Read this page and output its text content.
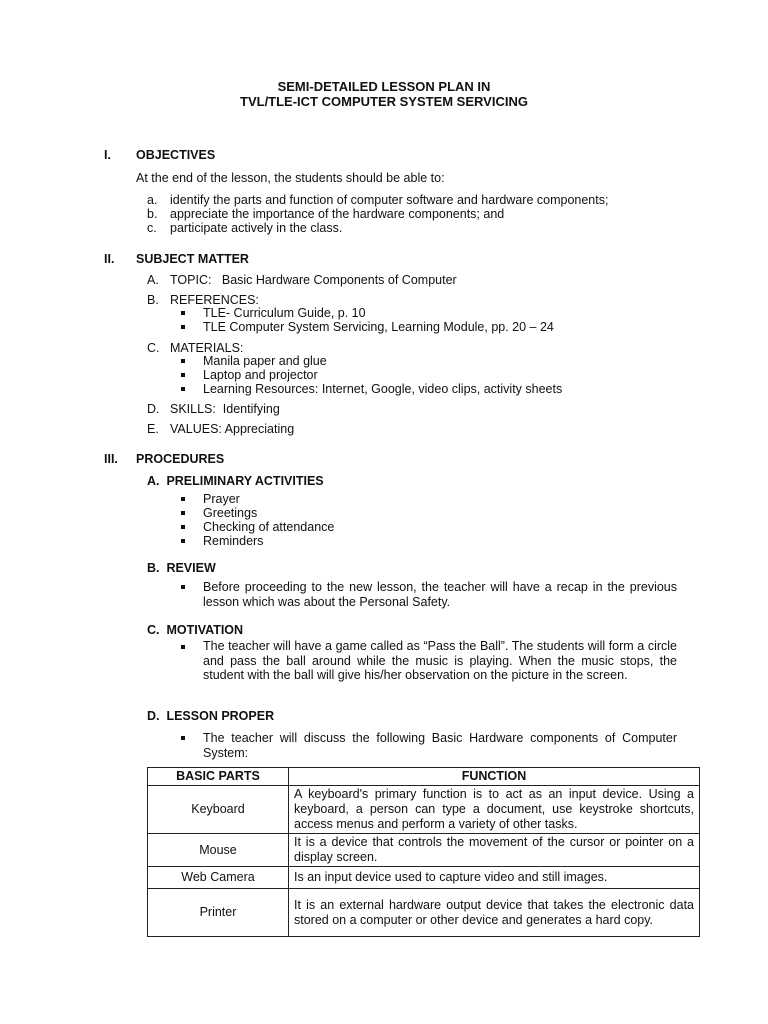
SEMI-DETAILED LESSON PLAN IN
TVL/TLE-ICT COMPUTER SYSTEM SERVICING
I. OBJECTIVES
At the end of the lesson, the students should be able to:
a. identify the parts and function of computer software and hardware components;
b. appreciate the importance of the hardware components; and
c. participate actively in the class.
II. SUBJECT MATTER
A. TOPIC:   Basic Hardware Components of Computer
B. REFERENCES:
TLE- Curriculum Guide, p. 10
TLE Computer System Servicing, Learning Module, pp. 20 – 24
C. MATERIALS:
Manila paper and glue
Laptop and projector
Learning Resources: Internet, Google, video clips, activity sheets
D. SKILLS:  Identifying
E. VALUES: Appreciating
III. PROCEDURES
A.  PRELIMINARY ACTIVITIES
Prayer
Greetings
Checking of attendance
Reminders
B.  REVIEW
Before proceeding to the new lesson, the teacher will have a recap in the previous lesson which was about the Personal Safety.
C.  MOTIVATION
The teacher will have a game called as “Pass the Ball”. The students will form a circle and pass the ball around while the music is playing. When the music stops, the student with the ball will give his/her observation on the picture in the screen.
D.  LESSON PROPER
The teacher will discuss the following Basic Hardware components of Computer System:
BASIC PARTS	FUNCTION
Keyboard	A keyboard's primary function is to act as an input device. Using a keyboard, a person can type a document, use keystroke shortcuts, access menus and perform a variety of other tasks.
Mouse	It is a device that controls the movement of the cursor or pointer on a display screen.
Web Camera	Is an input device used to capture video and still images.
Printer	It is an external hardware output device that takes the electronic data stored on a computer or other device and generates a hard copy.
